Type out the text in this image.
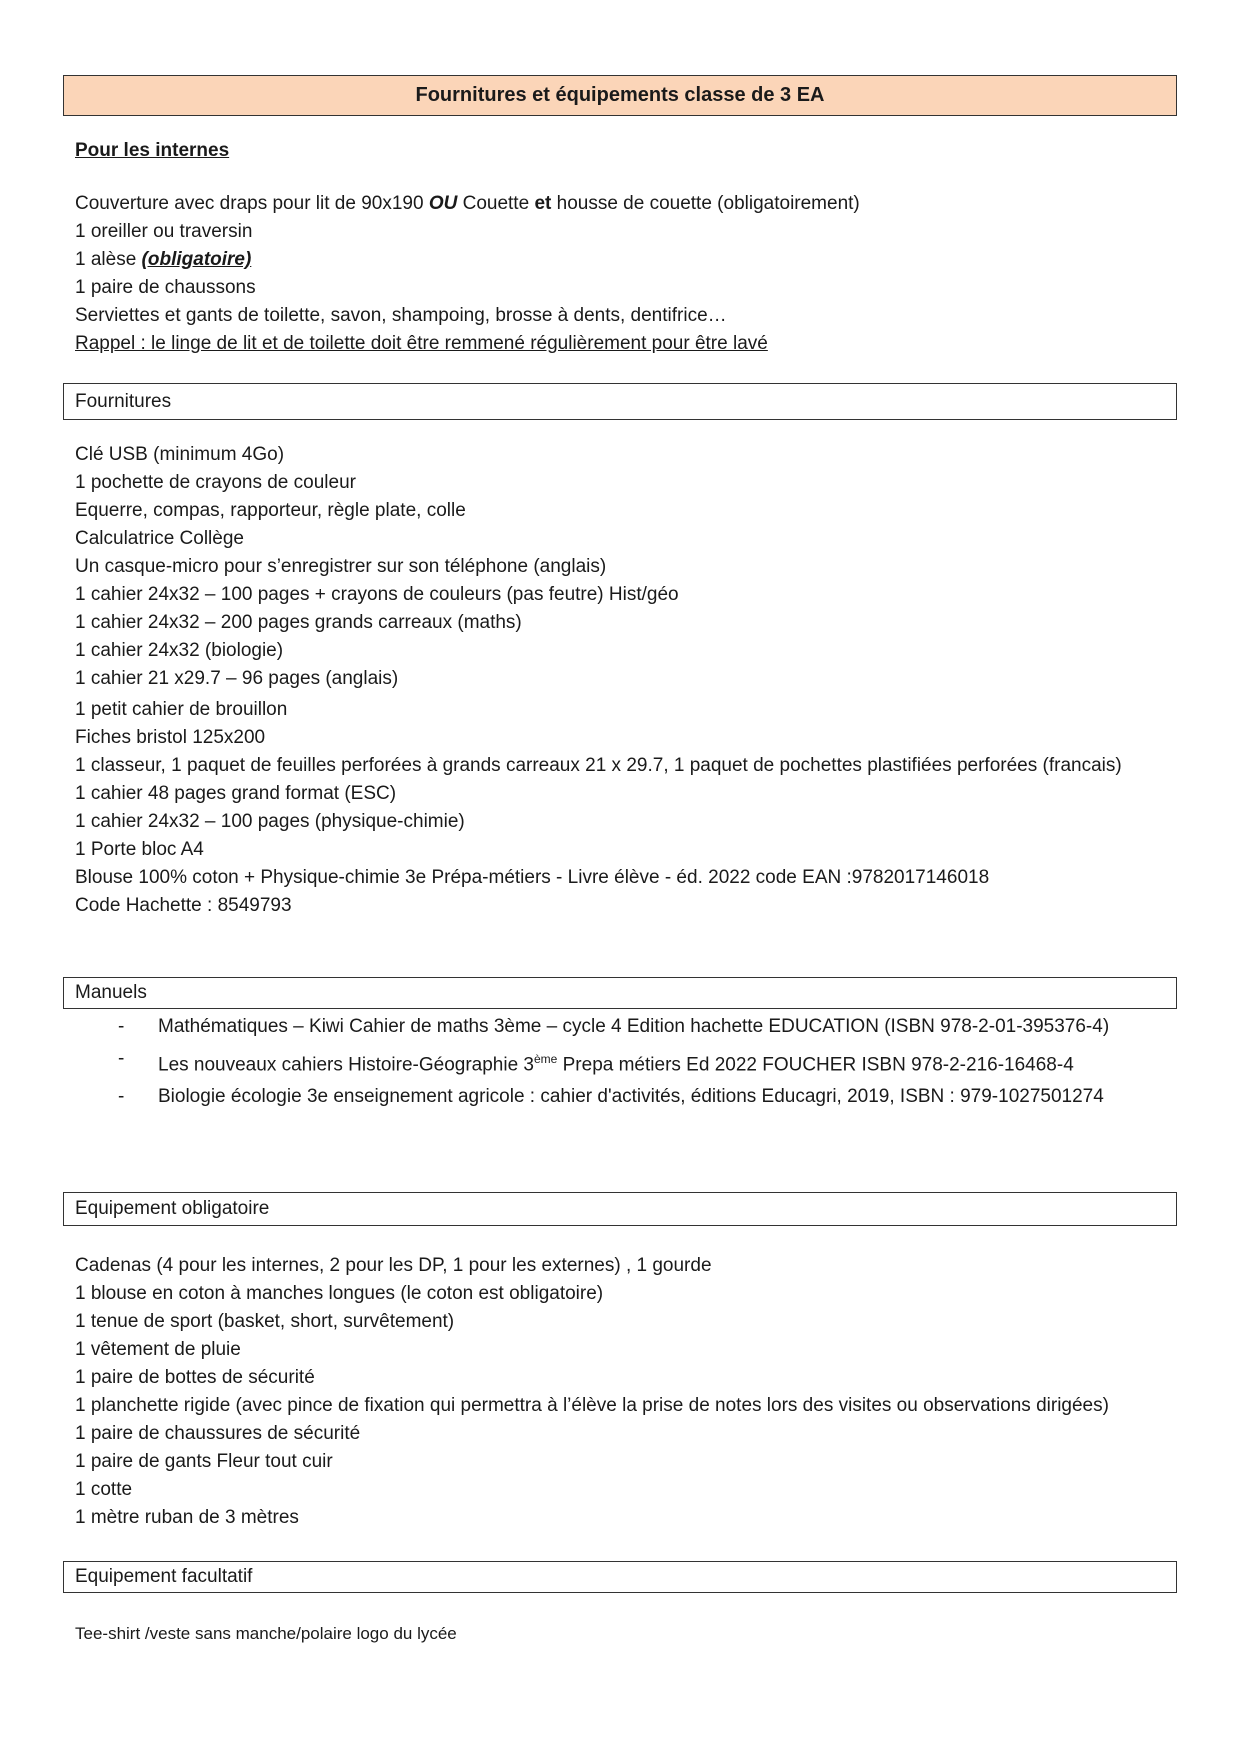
Fournitures et équipements classe de 3 EA
Pour les internes
Couverture avec draps pour lit de 90x190 OU Couette et housse de couette (obligatoirement)
1 oreiller ou traversin
1 alèse (obligatoire)
1 paire de chaussons
Serviettes et gants de toilette, savon, shampoing, brosse à dents, dentifrice…
Rappel : le linge de lit et de toilette doit être remmené régulièrement pour être lavé
Fournitures
Clé USB (minimum 4Go)
1 pochette de crayons de couleur
Equerre, compas, rapporteur, règle plate, colle
Calculatrice Collège
Un casque-micro pour s’enregistrer sur son téléphone (anglais)
1 cahier 24x32 – 100 pages + crayons de couleurs (pas feutre) Hist/géo
1 cahier 24x32 – 200 pages grands carreaux (maths)
1 cahier 24x32 (biologie)
1 cahier 21 x29.7 – 96 pages (anglais)
1 petit cahier de brouillon
Fiches bristol 125x200
1 classeur, 1 paquet de feuilles perforées à grands carreaux 21 x 29.7, 1 paquet de pochettes plastifiées perforées (francais)
1 cahier 48 pages grand format (ESC)
1 cahier 24x32 – 100 pages (physique-chimie)
1 Porte bloc A4
Blouse 100% coton + Physique-chimie 3e Prépa-métiers - Livre élève - éd. 2022 code EAN :9782017146018
Code Hachette : 8549793
Manuels
-	Mathématiques – Kiwi Cahier de maths 3ème – cycle 4 Edition hachette EDUCATION (ISBN 978-2-01-395376-4)
-	Les nouveaux cahiers Histoire-Géographie 3ème Prepa métiers Ed 2022 FOUCHER ISBN 978-2-216-16468-4
-	Biologie écologie 3e enseignement agricole : cahier d'activités, éditions Educagri, 2019, ISBN : 979-1027501274
Equipement obligatoire
Cadenas (4 pour les internes, 2 pour les DP, 1 pour les externes) , 1 gourde
1 blouse en coton à manches longues (le coton est obligatoire)
1 tenue de sport (basket, short, survêtement)
1 vêtement de pluie
1 paire de bottes de sécurité
1 planchette rigide (avec pince de fixation qui permettra à l’élève la prise de notes lors des visites ou observations dirigées)
1 paire de chaussures de sécurité
1 paire de gants Fleur tout cuir
1 cotte
1 mètre ruban de 3 mètres
Equipement facultatif
Tee-shirt /veste sans manche/polaire logo du lycée
